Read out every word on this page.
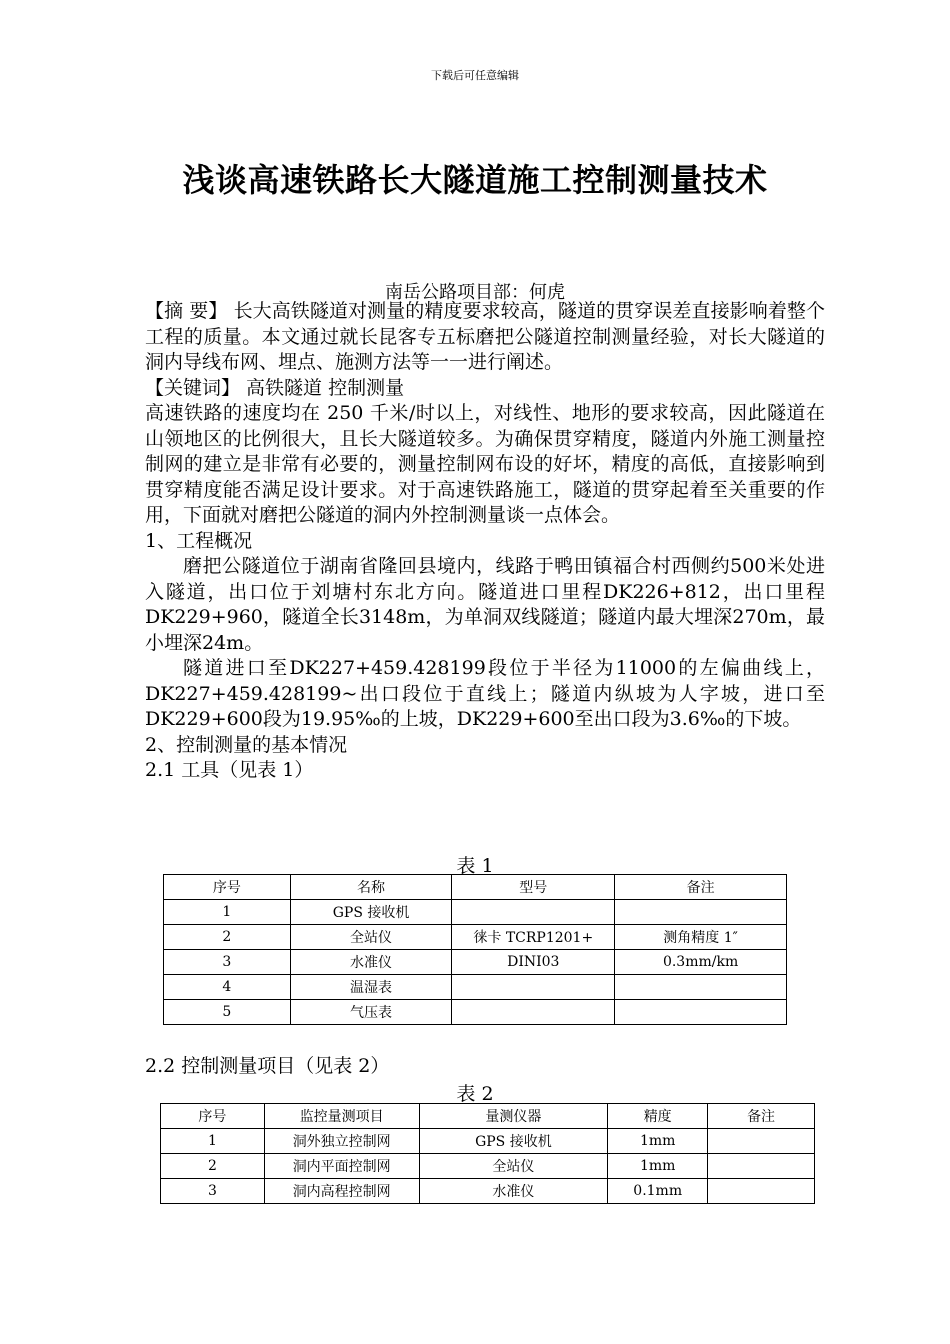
下载后可任意编辑
浅谈高速铁路长大隧道施工控制测量技术
南岳公路项目部：何虎

【摘 要】 长大高铁隧道对测量的精度要求较高，隧道的贯穿误差直接影响着整个工程的质量。本文通过就长昆客专五标磨把公隧道控制测量经验，对长大隧道的洞内导线布网、埋点、施测方法等一一进行阐述。

【关键词】 高铁隧道 控制测量

高速铁路的速度均在 250 千米/时以上，对线性、地形的要求较高，因此隧道在山领地区的比例很大，且长大隧道较多。为确保贯穿精度，隧道内外施工测量控制网的建立是非常有必要的，测量控制网布设的好坏，精度的高低，直接影响到贯穿精度能否满足设计要求。对于高速铁路施工，隧道的贯穿起着至关重要的作用，下面就对磨把公隧道的洞内外控制测量谈一点体会。

1、工程概况

磨把公隧道位于湖南省隆回县境内，线路于鸭田镇福合村西侧约500米处进入隧道，出口位于刘塘村东北方向。隧道进口里程DK226+812，出口里程DK229+960，隧道全长3148m，为单洞双线隧道；隧道内最大埋深270m，最小埋深24m。

隧道进口至DK227+459.428199段位于半径为11000的左偏曲线上，DK227+459.428199~出口段位于直线上；隧道内纵坡为人字坡，进口至DK229+600段为19.95‰的上坡，DK229+600至出口段为3.6‰的下坡。

2、控制测量的基本情况

2.1 工具（见表 1）

表 1
序号	名称	型号	备注
1	GPS 接收机		
2	全站仪	徕卡 TCRP1201+	测角精度 1″
3	水准仪	DINI03	0.3mm/km
4	温湿表		
5	气压表		

2.2 控制测量项目（见表 2）

表 2
序号	监控量测项目	量测仪器	精度	备注
1	洞外独立控制网	GPS 接收机	1mm	
2	洞内平面控制网	全站仪	1mm	
3	洞内高程控制网	水准仪	0.1mm	
